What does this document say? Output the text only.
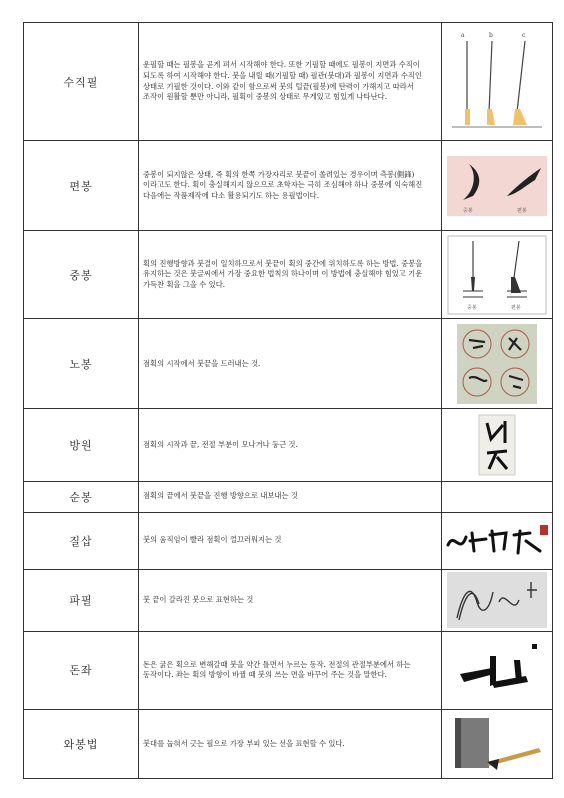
수직필	운필할 때는 필봉을 곧게 펴서 시작해야 한다. 또한 기필할 때에도 필봉이 지면과 수직이 되도록 하여 시작해야 한다. 붓을 내릴 때(기필할 때) 필관(붓대)과 필봉이 지면과 수직인 상태로 기필한 것이다. 이와 같이 함으로써 붓의 털끝(필봉)에 탄력이 가해지고 따라서 조작이 원활할 뿐만 아니라, 필획이 중봉의 상태로 무게있고 힘있게 나타난다.	a b c

편봉	중봉이 되지않은 상태, 즉 획의 한쪽 가장자리로 붓끝이 쏠려있는 경우이며 측봉(側鋒)이라고도 한다. 획이 충실해지지 않으므로 초학자는 극히 조심해야 하나 중봉에 익숙해진 다음에는 작품제작에 다소 활용되기도 하는 용필법이다.	중봉 편봉

중봉	획의 진행방향과 붓결이 일치하므로서 붓끝이 획의 중간에 위치하도록 하는 방법. 중봉을 유지하는 것은 붓글씨에서 가장 중요한 법칙의 하나이며 이 방법에 충실해야 힘있고 기운 가득찬 획을 그을 수 있다.	중봉 편봉

노봉	점획의 시작에서 붓끝을 드러내는 것.	

방원	점획의 시작과 끝, 전절 부분이 모나거나 둥근 것.	

순봉	점획의 끝에서 붓끝을 진행 방향으로 내보내는 것	
질삽	붓의 움직임이 빨라 점획이 껄끄러워지는 것	

파필	붓 끝이 갈라진 붓으로 표현하는 것	

돈좌	돈은 굵은 획으로 변해갈때 붓을 약간 틀면서 누르는 동작. 전절의 관절부분에서 하는 동작이다. 좌는 획의 방향이 바뀔 때 붓의 쓰는 면을 바꾸어 주는 것을 말한다.	

와봉법	붓대를 눕혀서 긋는 필으로 가장 부피 있는 선을 표현할 수 있다.	
